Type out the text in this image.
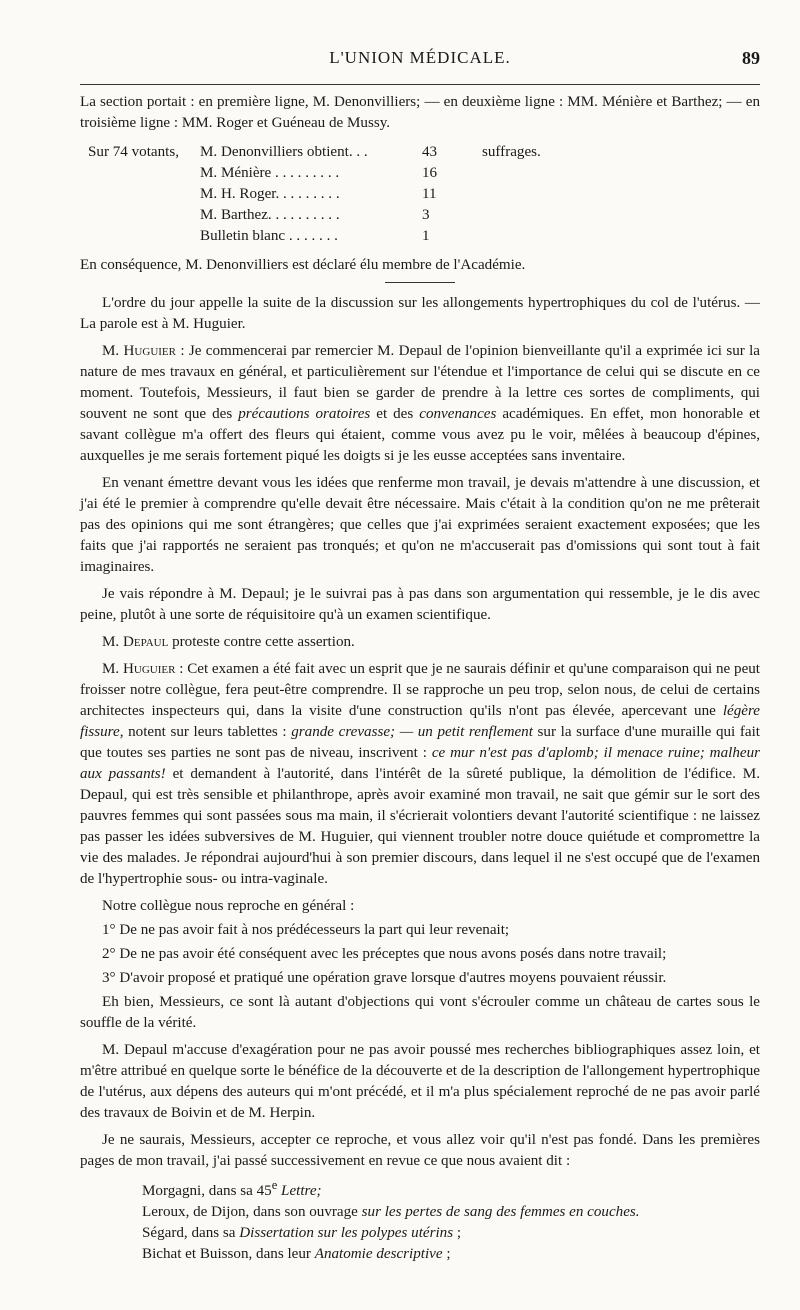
L'UNION MÉDICALE.	89

La section portait : en première ligne, M. Denonvilliers; — en deuxième ligne : MM. Ménière et Barthez; — en troisième ligne : MM. Roger et Guéneau de Mussy.

Sur 74 votants,	M. Denonvilliers obtient. . .	43	suffrages.
	M. Ménière . . . . . . . . .	16	
	M. H. Roger. . . . . . . . .	11	
	M. Barthez. . . . . . . . . .	3	
	Bulletin blanc . . . . . . .	1	

En conséquence, M. Denonvilliers est déclaré élu membre de l'Académie.

L'ordre du jour appelle la suite de la discussion sur les allongements hypertrophiques du col de l'utérus. — La parole est à M. Huguier.

M. Huguier : Je commencerai par remercier M. Depaul de l'opinion bienveillante qu'il a exprimée ici sur la nature de mes travaux en général, et particulièrement sur l'étendue et l'importance de celui qui se discute en ce moment. Toutefois, Messieurs, il faut bien se garder de prendre à la lettre ces sortes de compliments, qui souvent ne sont que des précautions oratoires et des convenances académiques. En effet, mon honorable et savant collègue m'a offert des fleurs qui étaient, comme vous avez pu le voir, mêlées à beaucoup d'épines, auxquelles je me serais fortement piqué les doigts si je les eusse acceptées sans inventaire.

En venant émettre devant vous les idées que renferme mon travail, je devais m'attendre à une discussion, et j'ai été le premier à comprendre qu'elle devait être nécessaire. Mais c'était à la condition qu'on ne me prêterait pas des opinions qui me sont étrangères; que celles que j'ai exprimées seraient exactement exposées; que les faits que j'ai rapportés ne seraient pas tronqués; et qu'on ne m'accuserait pas d'omissions qui sont tout à fait imaginaires.

Je vais répondre à M. Depaul; je le suivrai pas à pas dans son argumentation qui ressemble, je le dis avec peine, plutôt à une sorte de réquisitoire qu'à un examen scientifique.

M. Depaul proteste contre cette assertion.

M. Huguier : Cet examen a été fait avec un esprit que je ne saurais définir et qu'une comparaison qui ne peut froisser notre collègue, fera peut-être comprendre. Il se rapproche un peu trop, selon nous, de celui de certains architectes inspecteurs qui, dans la visite d'une construction qu'ils n'ont pas élevée, apercevant une légère fissure, notent sur leurs tablettes : grande crevasse; — un petit renflement sur la surface d'une muraille qui fait que toutes ses parties ne sont pas de niveau, inscrivent : ce mur n'est pas d'aplomb; il menace ruine; malheur aux passants! et demandent à l'autorité, dans l'intérêt de la sûreté publique, la démolition de l'édifice. M. Depaul, qui est très sensible et philanthrope, après avoir examiné mon travail, ne sait que gémir sur le sort des pauvres femmes qui sont passées sous ma main, il s'écrierait volontiers devant l'autorité scientifique : ne laissez pas passer les idées subversives de M. Huguier, qui viennent troubler notre douce quiétude et compromettre la vie des malades. Je répondrai aujourd'hui à son premier discours, dans lequel il ne s'est occupé que de l'examen de l'hypertrophie sous- ou intra-vaginale.

Notre collègue nous reproche en général :

1° De ne pas avoir fait à nos prédécesseurs la part qui leur revenait;

2° De ne pas avoir été conséquent avec les préceptes que nous avons posés dans notre travail;

3° D'avoir proposé et pratiqué une opération grave lorsque d'autres moyens pouvaient réussir.

Eh bien, Messieurs, ce sont là autant d'objections qui vont s'écrouler comme un château de cartes sous le souffle de la vérité.

M. Depaul m'accuse d'exagération pour ne pas avoir poussé mes recherches bibliographiques assez loin, et m'être attribué en quelque sorte le bénéfice de la découverte et de la description de l'allongement hypertrophique de l'utérus, aux dépens des auteurs qui m'ont précédé, et il m'a plus spécialement reproché de ne pas avoir parlé des travaux de Boivin et de M. Herpin.

Je ne saurais, Messieurs, accepter ce reproche, et vous allez voir qu'il n'est pas fondé. Dans les premières pages de mon travail, j'ai passé successivement en revue ce que nous avaient dit :

Morgagni, dans sa 45e Lettre;

Leroux, de Dijon, dans son ouvrage sur les pertes de sang des femmes en couches.

Ségard, dans sa Dissertation sur les polypes utérins ;

Bichat et Buisson, dans leur Anatomie descriptive ;
